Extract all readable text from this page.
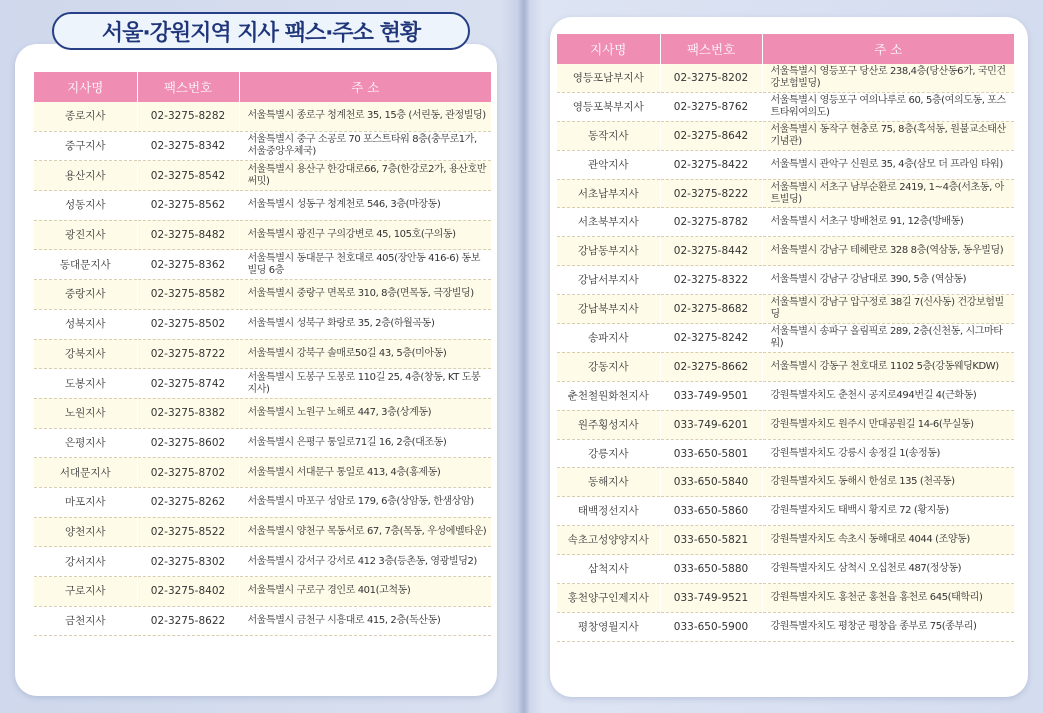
서울·강원지역 지사 팩스·주소 현황
지사명	팩스번호	주 소
종로지사	02-3275-8282	서울특별시 종로구 청계천로 35, 15층 (서린동, 관정빌딩)
중구지사	02-3275-8342	서울특별시 중구 소공로 70 포스트타워 8층(충무로1가, 서울중앙우체국)
용산지사	02-3275-8542	서울특별시 용산구 한강대로66, 7층(한강로2가, 용산호반써밋)
성동지사	02-3275-8562	서울특별시 성동구 청계천로 546, 3층(마장동)
광진지사	02-3275-8482	서울특별시 광진구 구의강변로 45, 105호(구의동)
동대문지사	02-3275-8362	서울특별시 동대문구 천호대로 405(장안동 416-6) 동보빌딩 6층
중랑지사	02-3275-8582	서울특별시 중랑구 면목로 310, 8층(면목동, 극장빌딩)
성북지사	02-3275-8502	서울특별시 성북구 화랑로 35, 2층(하월곡동)
강북지사	02-3275-8722	서울특별시 강북구 솔매로50길 43, 5층(미아동)
도봉지사	02-3275-8742	서울특별시 도봉구 도봉로 110길 25, 4층(창동, KT 도봉지사)
노원지사	02-3275-8382	서울특별시 노원구 노해로 447, 3층(상계동)
은평지사	02-3275-8602	서울특별시 은평구 통일로71길 16, 2층(대조동)
서대문지사	02-3275-8702	서울특별시 서대문구 통일로 413, 4층(홍제동)
마포지사	02-3275-8262	서울특별시 마포구 성암로 179, 6층(상암동, 한샘상암)
양천지사	02-3275-8522	서울특별시 양천구 목동서로 67, 7층(목동, 우성에벨타운)
강서지사	02-3275-8302	서울특별시 강서구 강서로 412 3층(등촌동, 영광빌딩2)
구로지사	02-3275-8402	서울특별시 구로구 경인로 401(고척동)
금천지사	02-3275-8622	서울특별시 금천구 시흥대로 415, 2층(독산동)
지사명	팩스번호	주 소
영등포남부지사	02-3275-8202	서울특별시 영등포구 당산로 238,4층(당산동6가, 국민건강보험빌딩)
영등포북부지사	02-3275-8762	서울특별시 영등포구 여의나루로 60, 5층(여의도동, 포스트타워여의도)
동작지사	02-3275-8642	서울특별시 동작구 현충로 75, 8층(흑석동, 원불교소태산기념관)
관악지사	02-3275-8422	서울특별시 관악구 신원로 35, 4층(삼모 더 프라임 타워)
서초남부지사	02-3275-8222	서울특별시 서초구 남부순환로 2419, 1~4층(서초동, 아트빌딩)
서초북부지사	02-3275-8782	서울특별시 서초구 방배천로 91, 12층(방배동)
강남동부지사	02-3275-8442	서울특별시 강남구 테헤란로 328 8층(역삼동, 동우빌딩)
강남서부지사	02-3275-8322	서울특별시 강남구 강남대로 390, 5층 (역삼동)
강남북부지사	02-3275-8682	서울특별시 강남구 압구정로 38길 7(신사동) 건강보험빌딩
송파지사	02-3275-8242	서울특별시 송파구 올림픽로 289, 2층(신천동, 시그마타워)
강동지사	02-3275-8662	서울특별시 강동구 천호대로 1102 5층(강동웨딩KDW)
춘천철원화천지사	033-749-9501	강원특별자치도 춘천시 공지로494번길 4(근화동)
원주횡성지사	033-749-6201	강원특별자치도 원주시 만대공원길 14-6(무실동)
강릉지사	033-650-5801	강원특별자치도 강릉시 송정길 1(송정동)
동해지사	033-650-5840	강원특별자치도 동해시 한섬로 135 (천곡동)
태백정선지사	033-650-5860	강원특별자치도 태백시 황지로 72 (황지동)
속초고성양양지사	033-650-5821	강원특별자치도 속초시 동해대로 4044 (조양동)
삼척지사	033-650-5880	강원특별자치도 삼척시 오십천로 487(정상동)
홍천양구인제지사	033-749-9521	강원특별자치도 홍천군 홍천읍 홍천로 645(태학리)
평창영월지사	033-650-5900	강원특별자치도 평창군 평창읍 종부로 75(종부리)
